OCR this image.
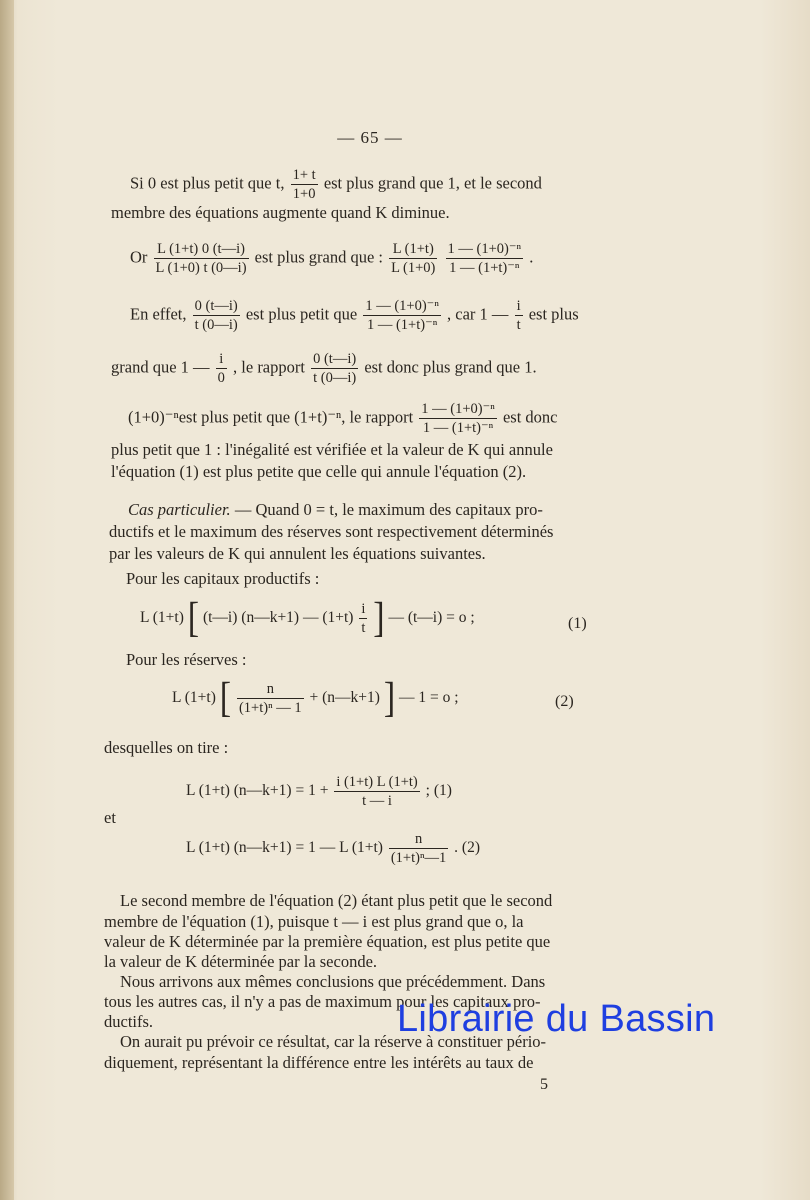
— 65 —
Si 0 est plus petit que t, $\frac{1+ t}{1+0}$ est plus grand que 1, et le second
membre des équations augmente quand K diminue.
Or $\frac{L (1+t) 0 (t—i)}{L (1+0) t (0—i)}$ est plus grand que : $\frac{L (1+t)}{L (1+0)}$
$\frac{\text{1 — (1+0)⁻ⁿ}}{\text{1 — (1+t)⁻ⁿ}}$ .
En effet, $\frac{0 (t—i)}{t (0—i)}$ est plus petit que $\frac{\text{1 — (1+0)⁻ⁿ}}{\text{1 — (1+t)⁻ⁿ}}$ , car 1 — $\frac{i}{t}$ est plus
grand que 1 — $\frac{i}{0}$ , le rapport $\frac{0 (t—i)}{t (0—i)}$ est donc plus grand que 1.
(1+0)⁻ⁿest plus petit que (1+t)⁻ⁿ, le rapport $\frac{\text{1 — (1+0)⁻ⁿ}}{\text{1 — (1+t)⁻ⁿ}}$ est donc
plus petit que 1 : l'inégalité est vérifiée et la valeur de K qui annule
l'équation (1) est plus petite que celle qui annule l'équation (2).
Cas particulier. — Quand 0 = t, le maximum des capitaux pro-
ductifs et le maximum des réserves sont respectivement déterminés
par les valeurs de K qui annulent les équations suivantes.
Pour les capitaux productifs :
L (1+t) [ (t—i) (n—k+1) — $(1+t) \frac{i}{t}$ ] — (t—i) = o ;	(1)
Pour les réserves :
L (1+t) [ $\frac{n}{\text{(1+t)ⁿ — 1}}$ + (n—k+1) ] — 1 = o ;	(2)
desquelles on tire :
L (1+t) (n—k+1) = $1 + \frac{i (1+t) L (1+t)}{t — i}$ ; (1)
et
L (1+t) (n—k+1) = 1 — L $(1+t) \frac{n}{\text{(1+t)ⁿ—1}}$ . (2)
Le second membre de l'équation (2) étant plus petit que le second
membre de l'équation (1), puisque t — i est plus grand que o, la
valeur de K déterminée par la première équation, est plus petite que
la valeur de K déterminée par la seconde.
Nous arrivons aux mêmes conclusions que précédemment. Dans
tous les autres cas, il n'y a pas de maximum pour les capitaux pro-
ductifs.
On aurait pu prévoir ce résultat, car la réserve à constituer pério-
diquement, représentant la différence entre les intérêts au taux de
5
Librairie du Bassin
